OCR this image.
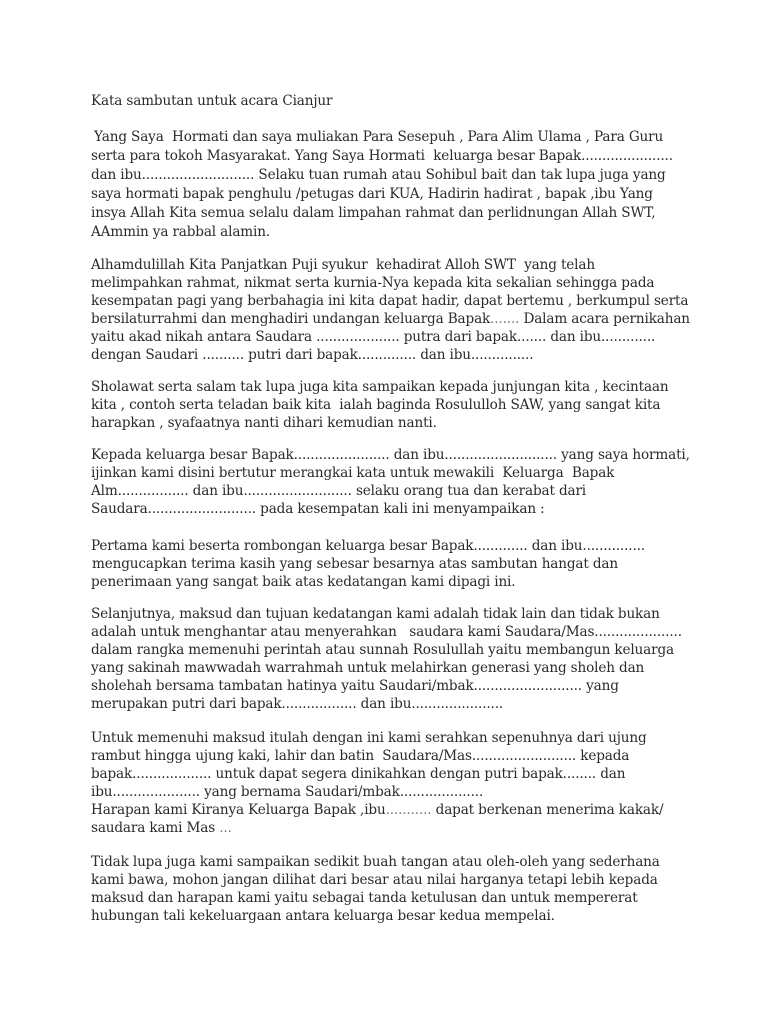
Kata sambutan untuk acara Cianjur
Yang Saya  Hormati dan saya muliakan Para Sesepuh , Para Alim Ulama , Para Guru
serta para tokoh Masyarakat. Yang Saya Hormati  keluarga besar Bapak......................
dan ibu........................... Selaku tuan rumah atau Sohibul bait dan tak lupa juga yang
saya hormati bapak penghulu /petugas dari KUA, Hadirin hadirat , bapak ,ibu Yang
insya Allah Kita semua selalu dalam limpahan rahmat dan perlidnungan Allah SWT,
AAmmin ya rabbal alamin.
Alhamdulillah Kita Panjatkan Puji syukur  kehadirat Alloh SWT  yang telah
melimpahkan rahmat, nikmat serta kurnia-Nya kepada kita sekalian sehingga pada
kesempatan pagi yang berbahagia ini kita dapat hadir, dapat bertemu , berkumpul serta
bersilaturrahmi dan menghadiri undangan keluarga Bapak....... Dalam acara pernikahan
yaitu akad nikah antara Saudara .................... putra dari bapak....... dan ibu.............
dengan Saudari .......... putri dari bapak.............. dan ibu...............
Sholawat serta salam tak lupa juga kita sampaikan kepada junjungan kita , kecintaan
kita , contoh serta teladan baik kita  ialah baginda Rosululloh SAW, yang sangat kita
harapkan , syafaatnya nanti dihari kemudian nanti.
Kepada keluarga besar Bapak....................... dan ibu........................... yang saya hormati,
ijinkan kami disini bertutur merangkai kata untuk mewakili  Keluarga  Bapak
Alm................. dan ibu.......................... selaku orang tua dan kerabat dari
Saudara.......................... pada kesempatan kali ini menyampaikan :
Pertama kami beserta rombongan keluarga besar Bapak............. dan ibu...............
mengucapkan terima kasih yang sebesar besarnya atas sambutan hangat dan
penerimaan yang sangat baik atas kedatangan kami dipagi ini.
Selanjutnya, maksud dan tujuan kedatangan kami adalah tidak lain dan tidak bukan
adalah untuk menghantar atau menyerahkan   saudara kami Saudara/Mas.....................
dalam rangka memenuhi perintah atau sunnah Rosulullah yaitu membangun keluarga
yang sakinah mawwadah warrahmah untuk melahirkan generasi yang sholeh dan
sholehah bersama tambatan hatinya yaitu Saudari/mbak.......................... yang
merupakan putri dari bapak.................. dan ibu......................
Untuk memenuhi maksud itulah dengan ini kami serahkan sepenuhnya dari ujung
rambut hingga ujung kaki, lahir dan batin  Saudara/Mas......................... kepada
bapak................... untuk dapat segera dinikahkan dengan putri bapak........ dan
ibu..................... yang bernama Saudari/mbak....................
Harapan kami Kiranya Keluarga Bapak ,ibu........... dapat berkenan menerima kakak/
saudara kami Mas ...
Tidak lupa juga kami sampaikan sedikit buah tangan atau oleh-oleh yang sederhana
kami bawa, mohon jangan dilihat dari besar atau nilai harganya tetapi lebih kepada
maksud dan harapan kami yaitu sebagai tanda ketulusan dan untuk mempererat
hubungan tali kekeluargaan antara keluarga besar kedua mempelai.
